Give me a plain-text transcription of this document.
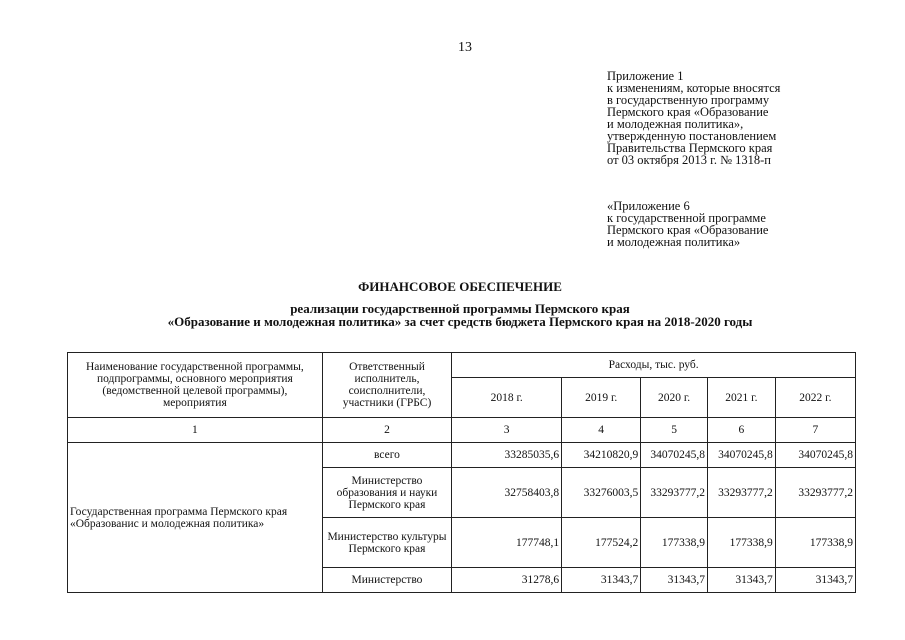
13
Приложение 1
к изменениям, которые вносятся
в государственную программу
Пермского края «Образование
и молодежная политика»,
утвержденную постановлением
Правительства Пермского края
от 03 октября 2013 г. № 1318-п
«Приложение 6
к государственной программе
Пермского края «Образование
и молодежная политика»
ФИНАНСОВОЕ ОБЕСПЕЧЕНИЕ
реализации государственной программы Пермского края
«Образование и молодежная политика» за счет средств бюджета Пермского края на 2018-2020 годы
Наименование государственной программы, подпрограммы, основного мероприятия (ведомственной целевой программы), мероприятия	Ответственный исполнитель, соисполнители, участники (ГРБС)	Расходы, тыс. руб.				
		2018 г.	2019 г.	2020 г.	2021 г.	2022 г.
1	2	3	4	5	6	7
Государственная программа Пермского края «Образованис и молодежная политика»	всего	33285035,6	34210820,9	34070245,8	34070245,8	34070245,8
	Министерство образования и науки Пермского края	32758403,8	33276003,5	33293777,2	33293777,2	33293777,2
	Министерство культуры Пермского края	177748,1	177524,2	177338,9	177338,9	177338,9
	Министерство	31278,6	31343,7	31343,7	31343,7	31343,7
